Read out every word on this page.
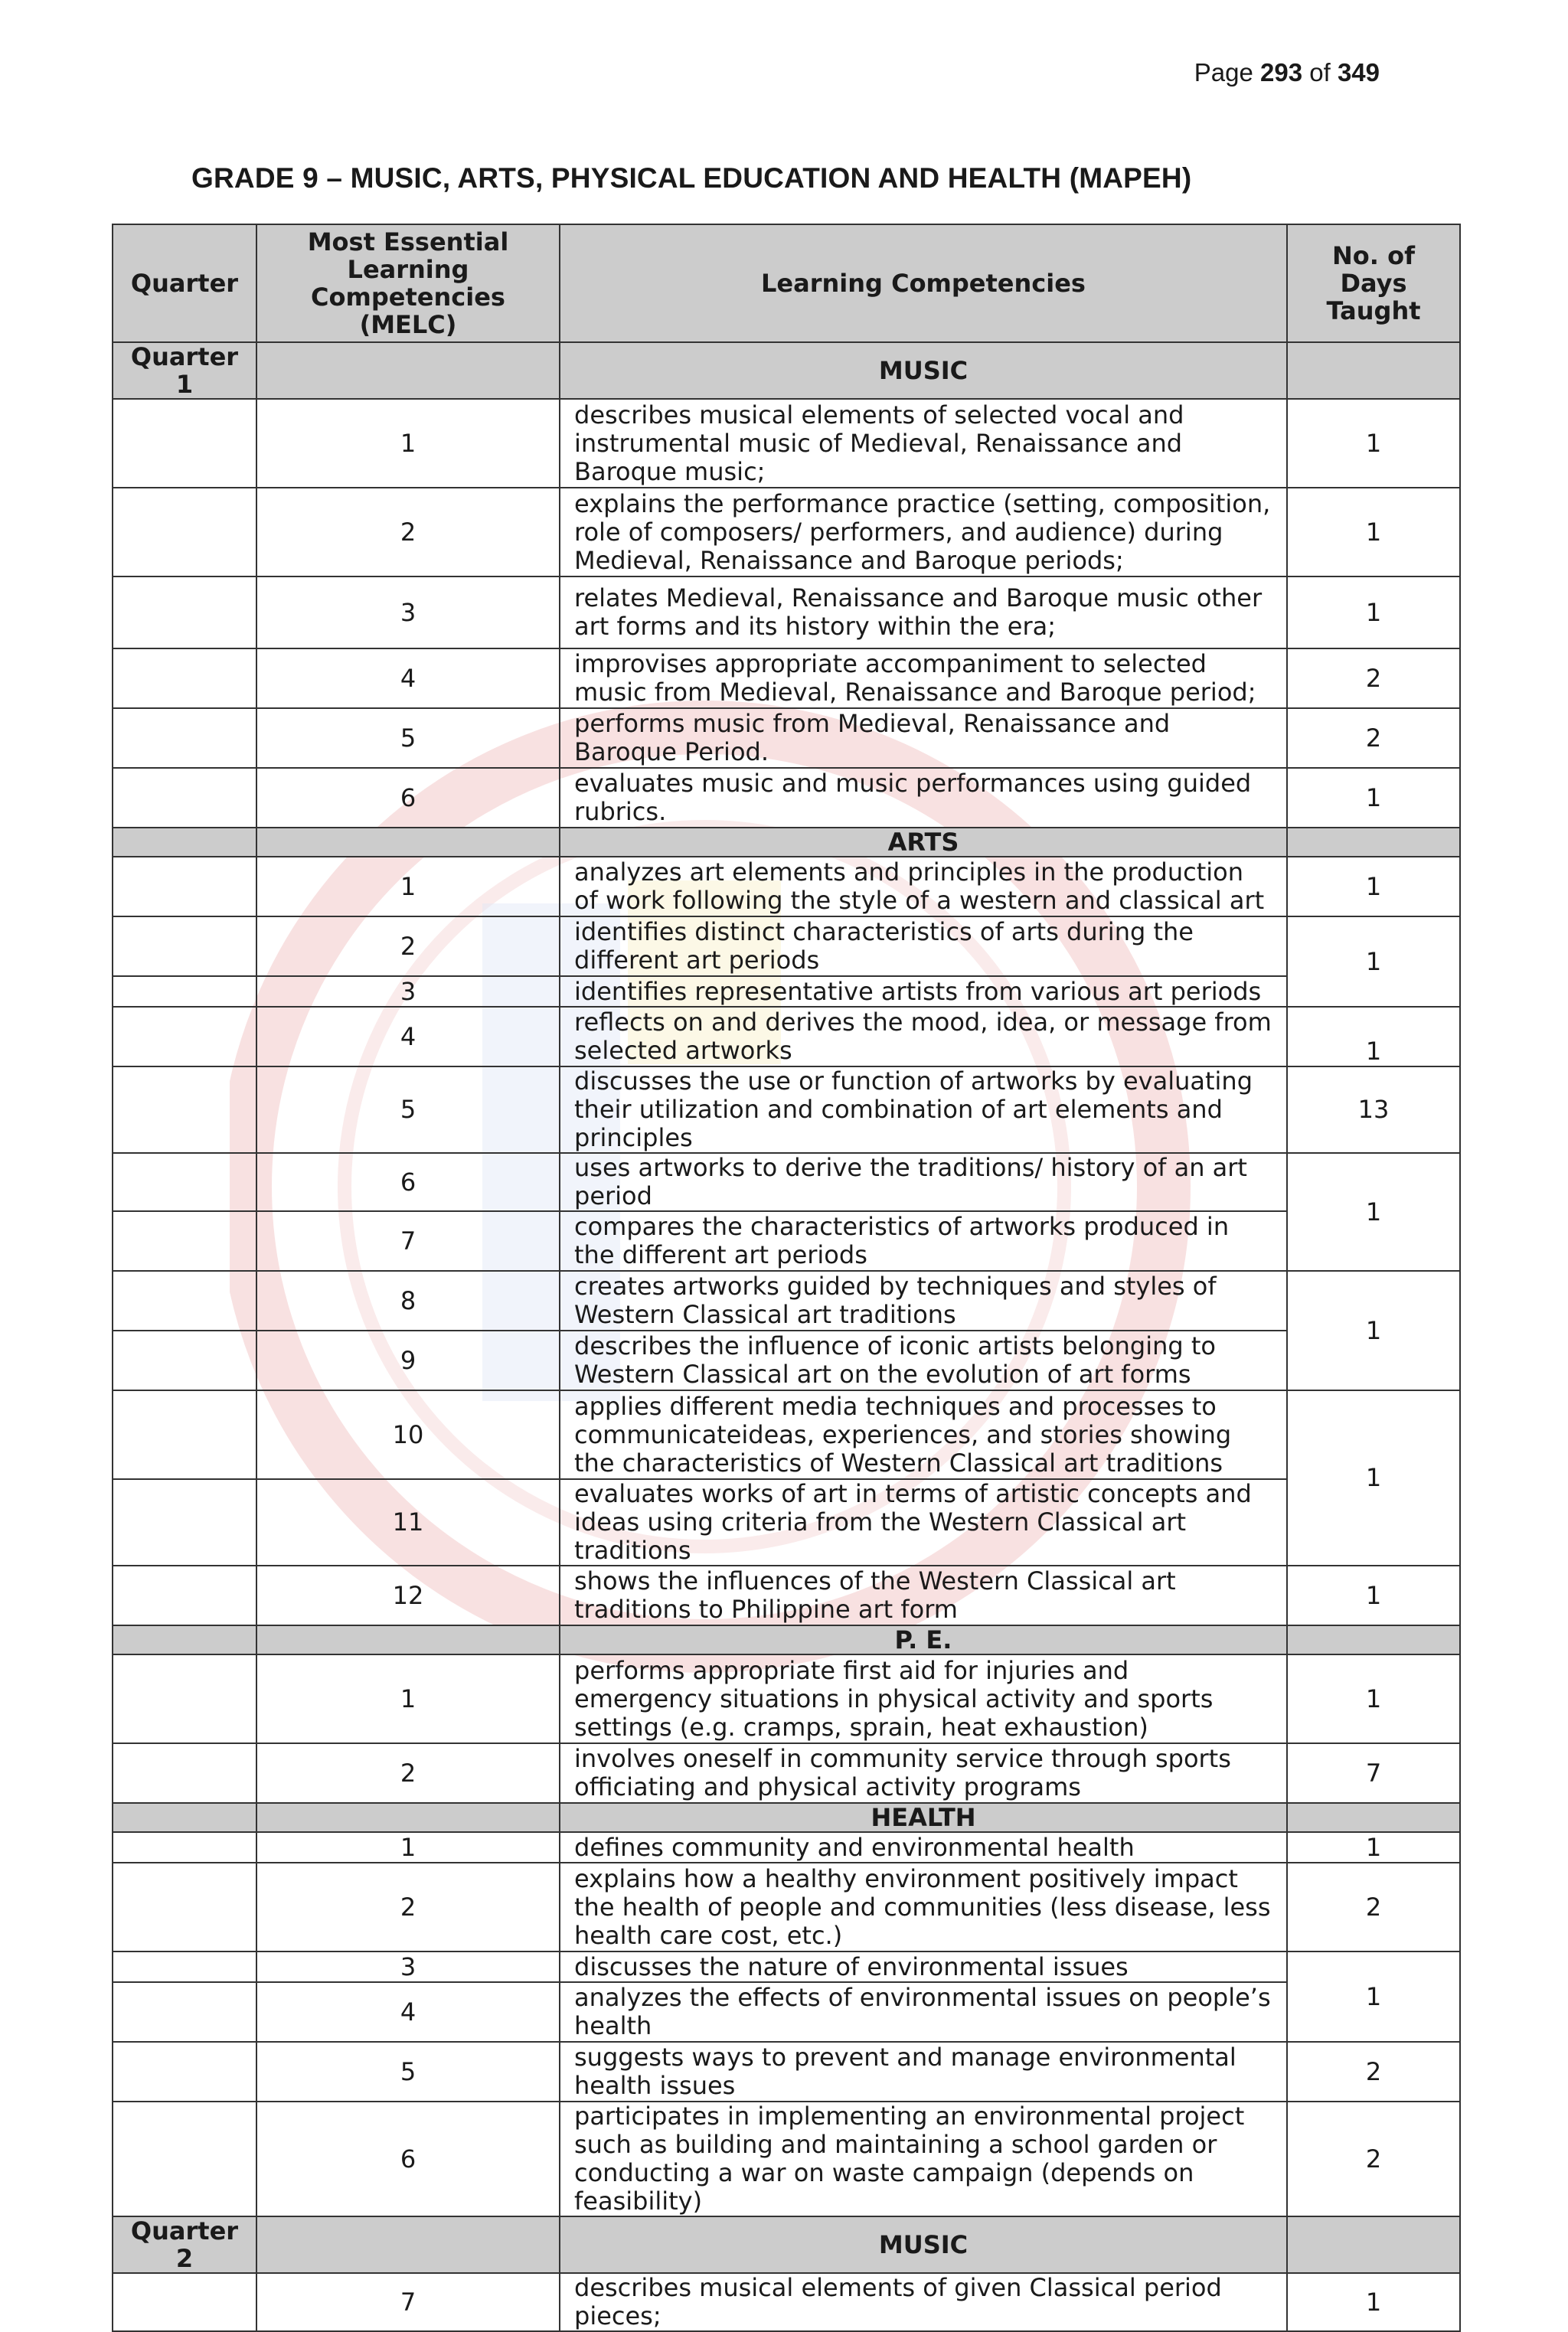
Page 293 of 349
GRADE 9 – MUSIC, ARTS, PHYSICAL EDUCATION AND HEALTH (MAPEH)
Quarter	Most Essential Learning Competencies (MELC)	Learning Competencies	No. of Days Taught
Quarter 1		MUSIC	
	1	describes musical elements of selected vocal and instrumental music of Medieval, Renaissance and Baroque music;	1
	2	explains the performance practice (setting, composition, role of composers/ performers, and audience) during Medieval, Renaissance and Baroque periods;	1
	3	relates Medieval, Renaissance and Baroque music other art forms and its history within the era;	1
	4	improvises appropriate accompaniment to selected music from Medieval, Renaissance and Baroque period;	2
	5	performs music from Medieval, Renaissance and Baroque Period.	2
	6	evaluates music and music performances using guided rubrics.	1
		ARTS	
	1	analyzes art elements and principles in the production of work following the style of a western and classical art	1
	2	identifies distinct characteristics of arts during the different art periods	1
	3	identifies representative artists from various art periods	
	4	reflects on and derives the mood, idea, or message from selected artworks	1
	5	discusses the use or function of artworks by evaluating their utilization and combination of art elements and principles	13
	6	uses artworks to derive the traditions/ history of an art period	1
	7	compares the characteristics of artworks produced in the different art periods	
	8	creates artworks guided by techniques and styles of Western Classical art traditions	1
	9	describes the influence of iconic artists belonging to Western Classical art on the evolution of art forms	
	10	applies different media techniques and processes to communicateideas, experiences, and stories showing the characteristics of Western Classical art traditions	1
	11	evaluates works of art in terms of artistic concepts and ideas using criteria from the Western Classical art traditions	
	12	shows the influences of the Western Classical art traditions to Philippine art form	1
		P. E.	
	1	performs appropriate first aid for injuries and emergency situations in physical activity and sports settings (e.g. cramps, sprain, heat exhaustion)	1
	2	involves oneself in community service through sports officiating and physical activity programs	7
		HEALTH	
	1	defines community and environmental health	1
	2	explains how a healthy environment positively impact the health of people and communities (less disease, less health care cost, etc.)	2
	3	discusses the nature of environmental issues	1
	4	analyzes the effects of environmental issues on people’s health	
	5	suggests ways to prevent and manage environmental health issues	2
	6	participates in implementing an environmental project such as building and maintaining a school garden or conducting a war on waste campaign (depends on feasibility)	2
Quarter 2		MUSIC	
	7	describes musical elements of given Classical period pieces;	1
